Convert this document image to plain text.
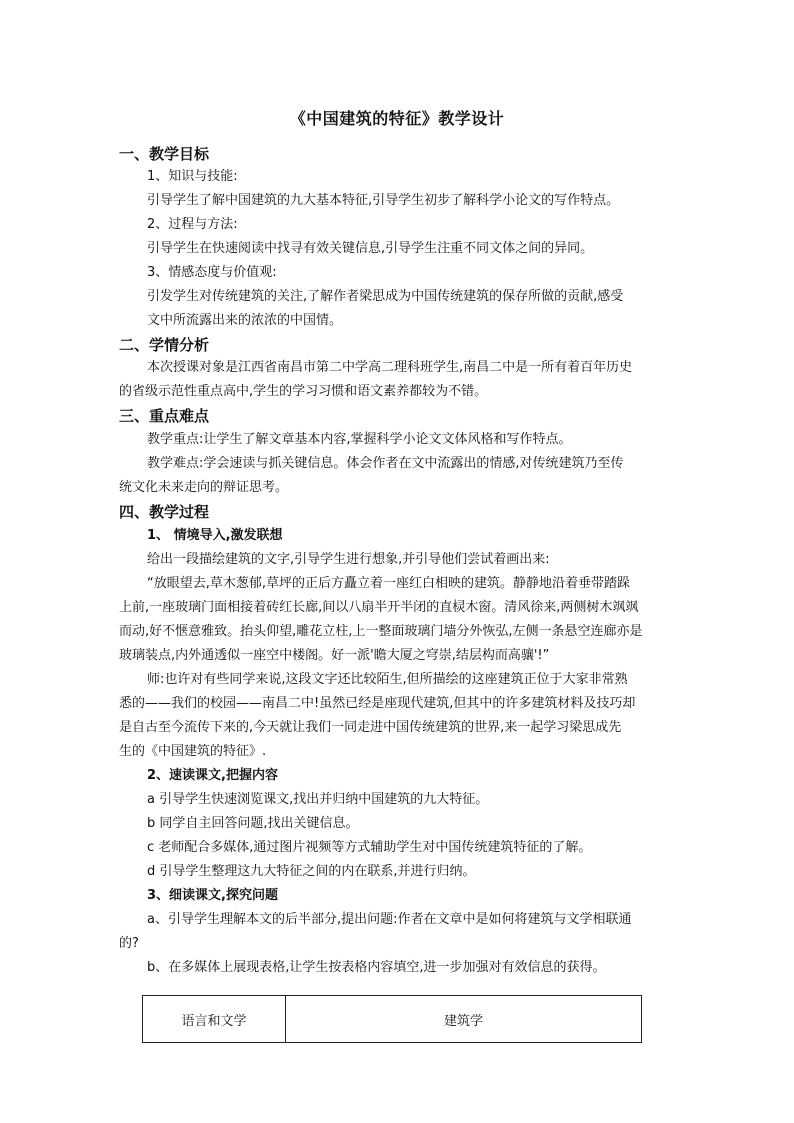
《中国建筑的特征》教学设计
一、教学目标
1、知识与技能:
引导学生了解中国建筑的九大基本特征,引导学生初步了解科学小论文的写作特点。
2、过程与方法:
引导学生在快速阅读中找寻有效关键信息,引导学生注重不同文体之间的异同。
3、情感态度与价值观:
引发学生对传统建筑的关注,了解作者梁思成为中国传统建筑的保存所做的贡献,感受
文中所流露出来的浓浓的中国情。
二、学情分析
本次授课对象是江西省南昌市第二中学高二理科班学生,南昌二中是一所有着百年历史
的省级示范性重点高中,学生的学习习惯和语文素养都较为不错。
三、重点难点
教学重点:让学生了解文章基本内容,掌握科学小论文文体风格和写作特点。
教学难点:学会速读与抓关键信息。体会作者在文中流露出的情感,对传统建筑乃至传
统文化未来走向的辩证思考。
四、教学过程
1、 情境导入,激发联想
给出一段描绘建筑的文字,引导学生进行想象,并引导他们尝试着画出来:
“放眼望去,草木葱郁,草坪的正后方矗立着一座红白相映的建筑。静静地沿着垂带踏跺
上前,一座玻璃门面相接着砖红长廊,间以八扇半开半闭的直棂木窗。清风徐来,两侧树木飒飒
而动,好不惬意雅致。抬头仰望,雕花立柱,上一整面玻璃门墙分外恢弘,左侧一条悬空连廊亦是
玻璃装点,内外通透似一座空中楼阁。好一派'瞻大厦之穹崇,结层构而高骧'!”
师:也许对有些同学来说,这段文字还比较陌生,但所描绘的这座建筑正位于大家非常熟
悉的——我们的校园——南昌二中!虽然已经是座现代建筑,但其中的许多建筑材料及技巧却
是自古至今流传下来的,今天就让我们一同走进中国传统建筑的世界,来一起学习梁思成先
生的《中国建筑的特征》.
2、速读课文,把握内容
a 引导学生快速浏览课文,找出并归纳中国建筑的九大特征。
b 同学自主回答问题,找出关键信息。
c 老师配合多媒体,通过图片视频等方式辅助学生对中国传统建筑特征的了解。
d 引导学生整理这九大特征之间的内在联系,并进行归纳。
3、细读课文,探究问题
a、引导学生理解本文的后半部分,提出问题:作者在文章中是如何将建筑与文学相联通
的?
b、在多媒体上展现表格,让学生按表格内容填空,进一步加强对有效信息的获得。
语言和文学	建筑学
